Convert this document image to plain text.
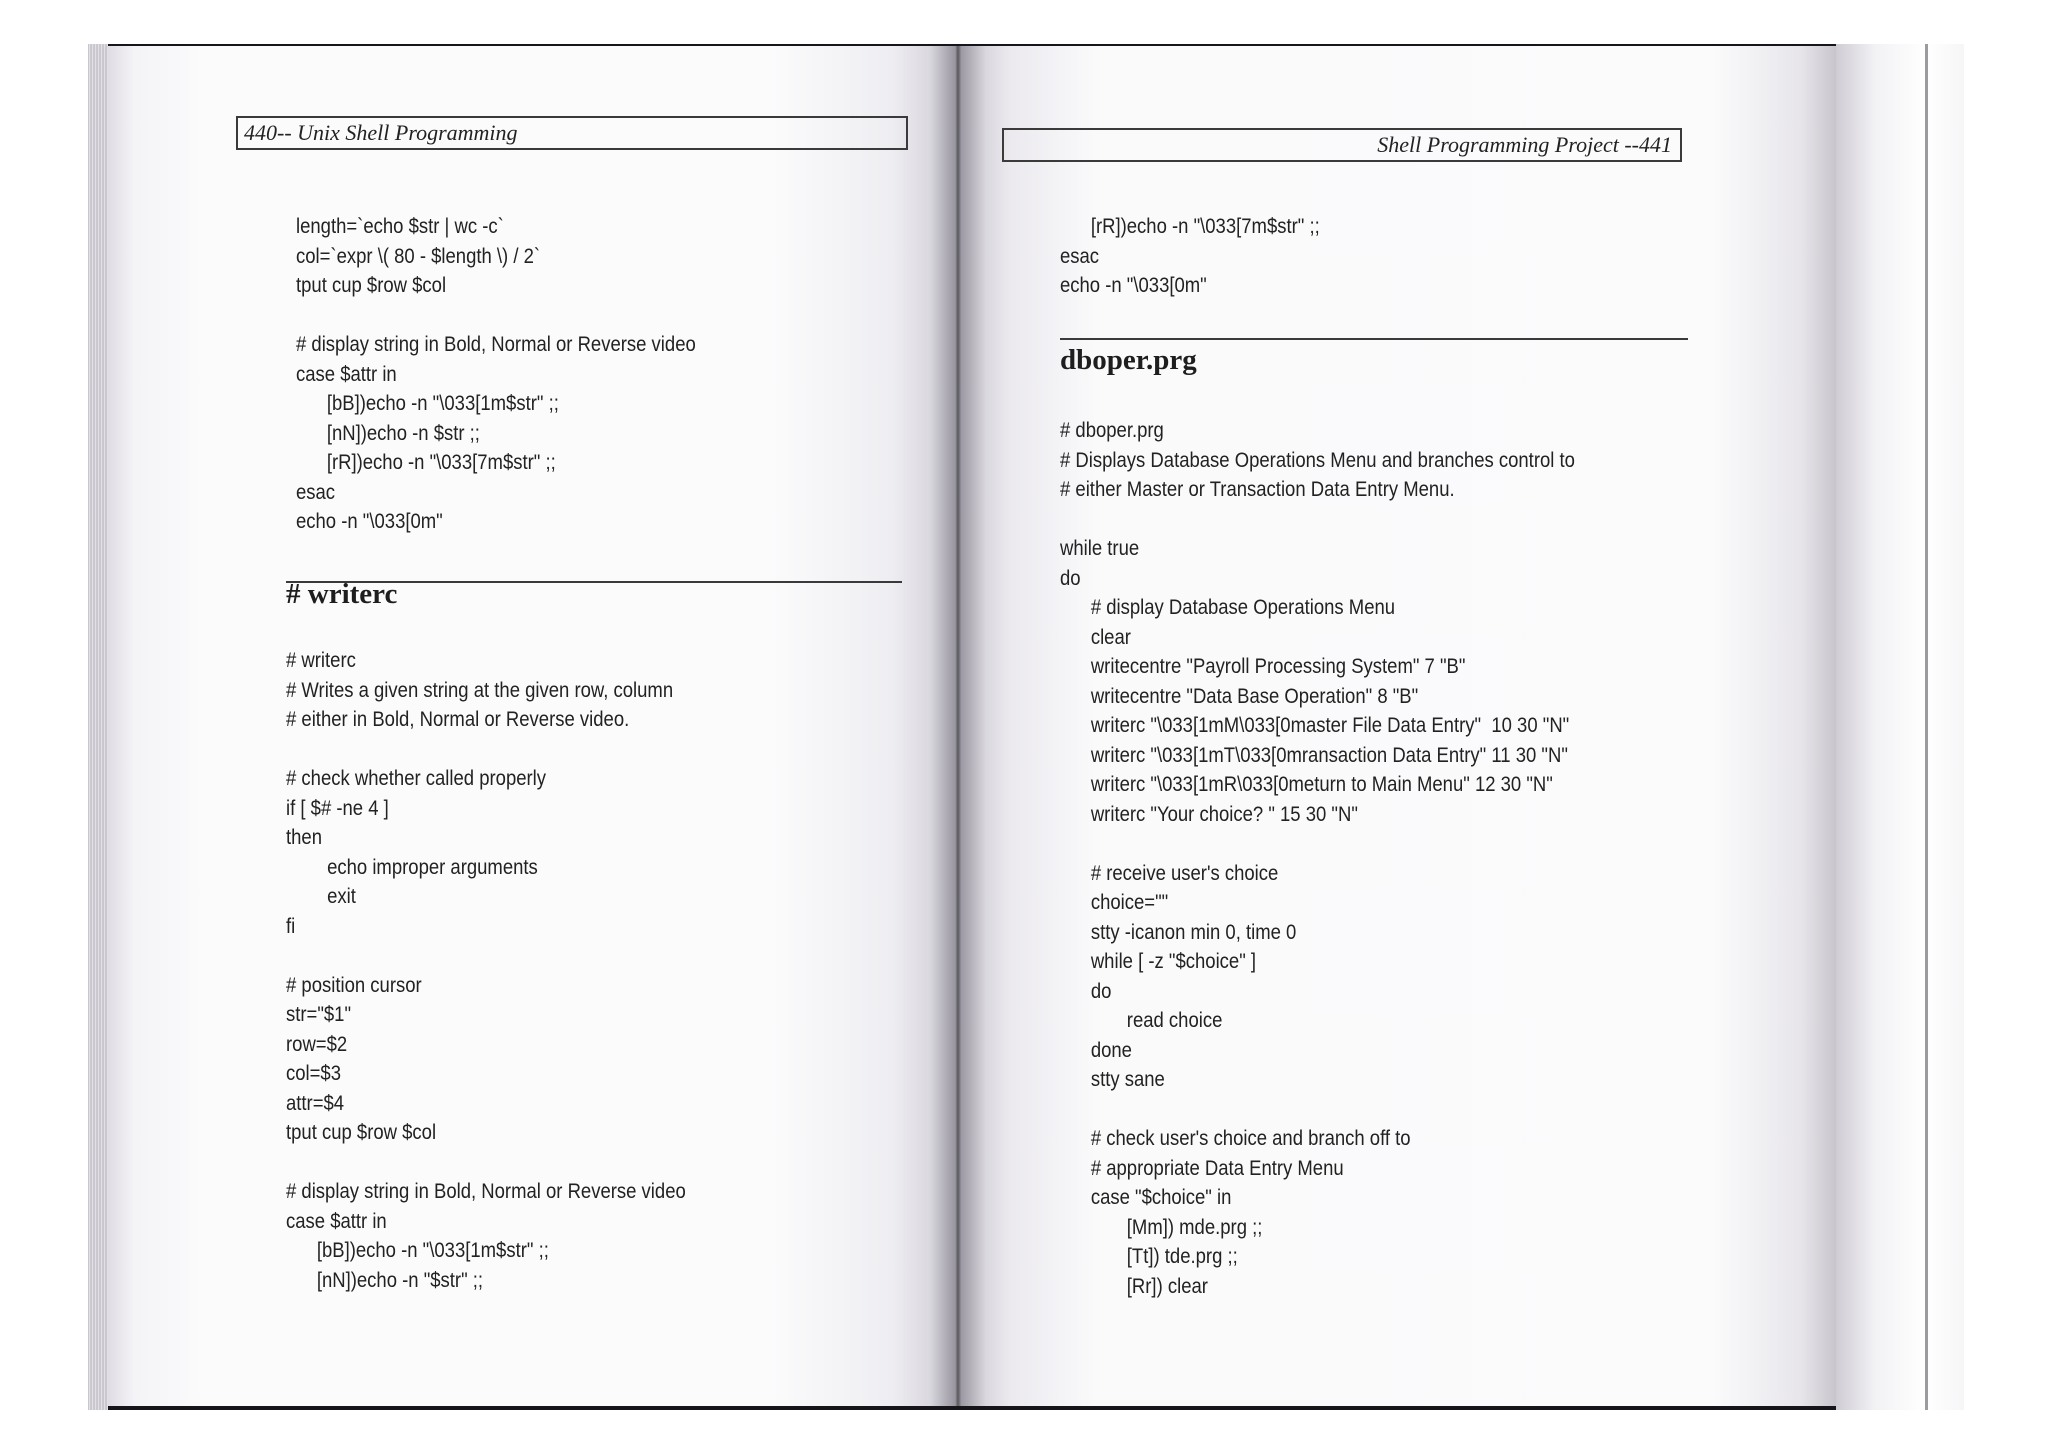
440-- Unix Shell Programming
length=`echo $str | wc -c`
col=`expr \( 80 - $length \) / 2`
tput cup $row $col
# display string in Bold, Normal or Reverse video
case $attr in
[bB])echo -n "\033[1m$str" ;;
[nN])echo -n $str ;;
[rR])echo -n "\033[7m$str" ;;
esac
echo -n "\033[0m"
# writerc
# writerc
# Writes a given string at the given row, column
# either in Bold, Normal or Reverse video.
# check whether called properly
if [ $# -ne 4 ]
then
echo improper arguments
exit
fi
# position cursor
str="$1"
row=$2
col=$3
attr=$4
tput cup $row $col
# display string in Bold, Normal or Reverse video
case $attr in
[bB])echo -n "\033[1m$str" ;;
[nN])echo -n "$str" ;;
Shell Programming Project --441
[rR])echo -n "\033[7m$str" ;;
esac
echo -n "\033[0m"
dboper.prg
# dboper.prg
# Displays Database Operations Menu and branches control to
# either Master or Transaction Data Entry Menu.
while true
do
# display Database Operations Menu
clear
writecentre "Payroll Processing System" 7 "B"
writecentre "Data Base Operation" 8 "B"
writerc "\033[1mM\033[0master File Data Entry"  10 30 "N"
writerc "\033[1mT\033[0mransaction Data Entry" 11 30 "N"
writerc "\033[1mR\033[0meturn to Main Menu" 12 30 "N"
writerc "Your choice? " 15 30 "N"
# receive user's choice
choice=""
stty -icanon min 0, time 0
while [ -z "$choice" ]
do
read choice
done
stty sane
# check user's choice and branch off to
# appropriate Data Entry Menu
case "$choice" in
[Mm]) mde.prg ;;
[Tt]) tde.prg ;;
[Rr]) clear
